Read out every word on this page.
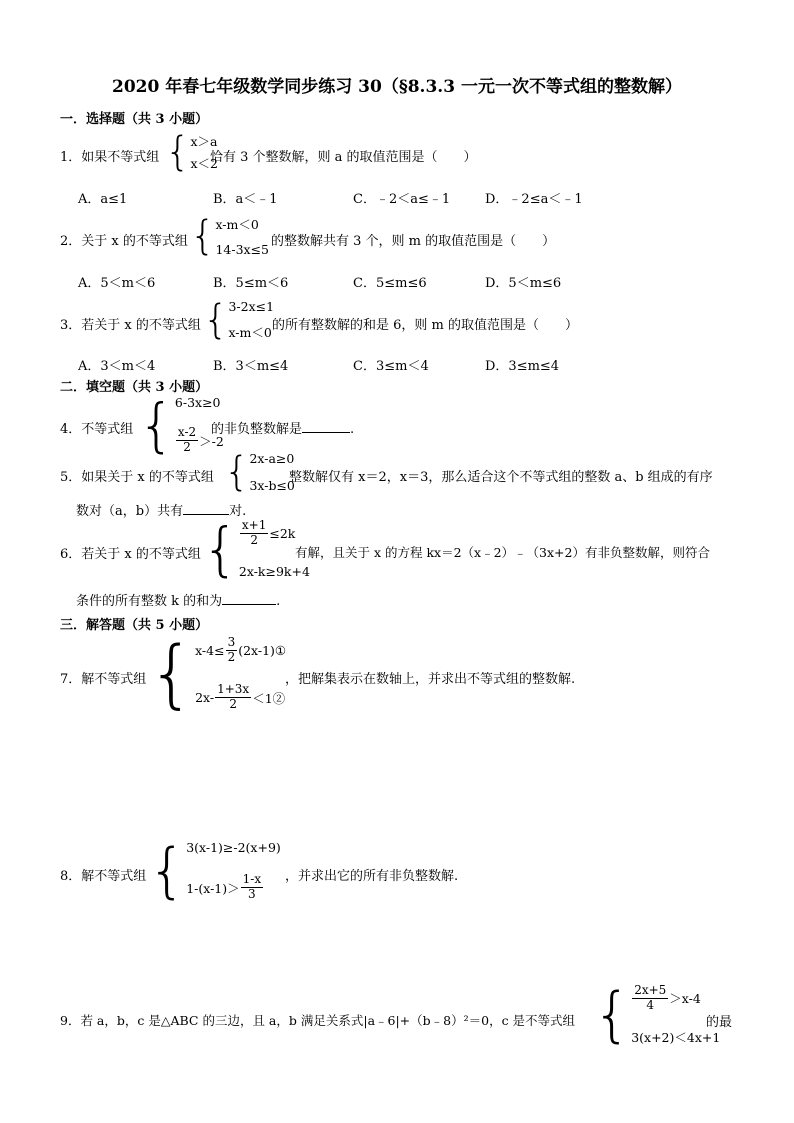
2020 年春七年级数学同步练习 30（§8.3.3 一元一次不等式组的整数解）
一．选择题（共 3 小题）
1．如果不等式组 { x＞a
x＜2
恰有 3 个整数解，则 a 的取值范围是（　　）
A．a≤1	B．a＜﹣1	C．﹣2＜a≤﹣1	D．﹣2≤a＜﹣1
2．关于 x 的不等式组 { x-m＜0
14-3x≤5
的整数解共有 3 个，则 m 的取值范围是（　　）
A．5＜m＜6	B．5≤m＜6	C．5≤m≤6	D．5＜m≤6
3．若关于 x 的不等式组 { 3-2x≤1
x-m＜0 的所有整数解的和是 6，则 m 的取值范围是（　　）
A．3＜m＜4	B．3＜m≤4	C．3≤m＜4	D．3≤m≤4
二．填空题（共 3 小题）
4．不等式组 { 6-3x≥0
$\frac{x-2}{2} >-2$
的非负整数解是	.
5．如果关于 x 的不等式组 { 2x-a≥0
3x-b≤0
整数解仅有 x＝2，x＝3，那么适合这个不等式组的整数 a、b 组成的有序
数对（a，b）共有	对.
6．若关于 x 的不等式组 { $\frac{x+1}{2} \le 2k$
2x-k≥9k+4
有解，且关于 x 的方程 kx＝2（x﹣2）﹣（3x+2）有非负整数解，则符合
条件的所有整数 k 的和为	.
三．解答题（共 5 小题）
7．解不等式组 { $x-4\le \frac{3}{2}$ (2x-1)①
$2x- \frac{1+3x}{2}$ ＜1②
，把解集表示在数轴上，并求出不等式组的整数解.
8．解不等式组 { 3(x-1)≥-2(x+9)
$1-(x-1)> \frac{1-x}{3}$ ，并求出它的所有非负整数解.
9．若 a，b，c 是△ABC 的三边，且 a，b 满足关系式|a﹣6|+（b﹣8）²＝0，c 是不等式组 { $\frac{2x+5}{4} >x-4$
3(x+2)＜4x+1
的最
